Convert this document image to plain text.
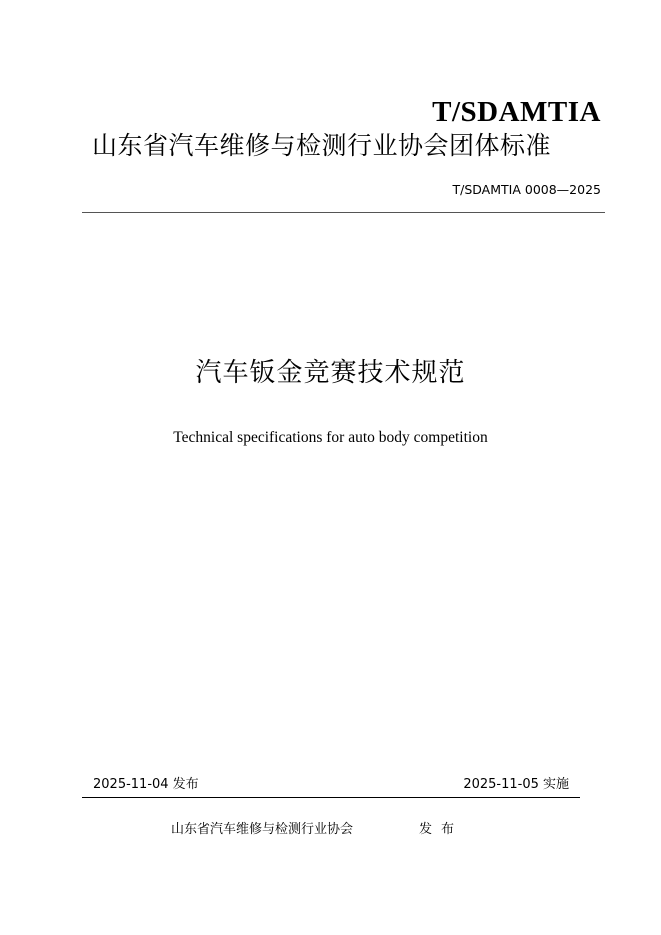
T/SDAMTIA
山东省汽车维修与检测行业协会团体标准
T/SDAMTIA 0008—2025
汽车钣金竞赛技术规范
Technical specifications for auto body competition
2025-11-04 发布	2025-11-05 实施
山东省汽车维修与检测行业协会	发布
